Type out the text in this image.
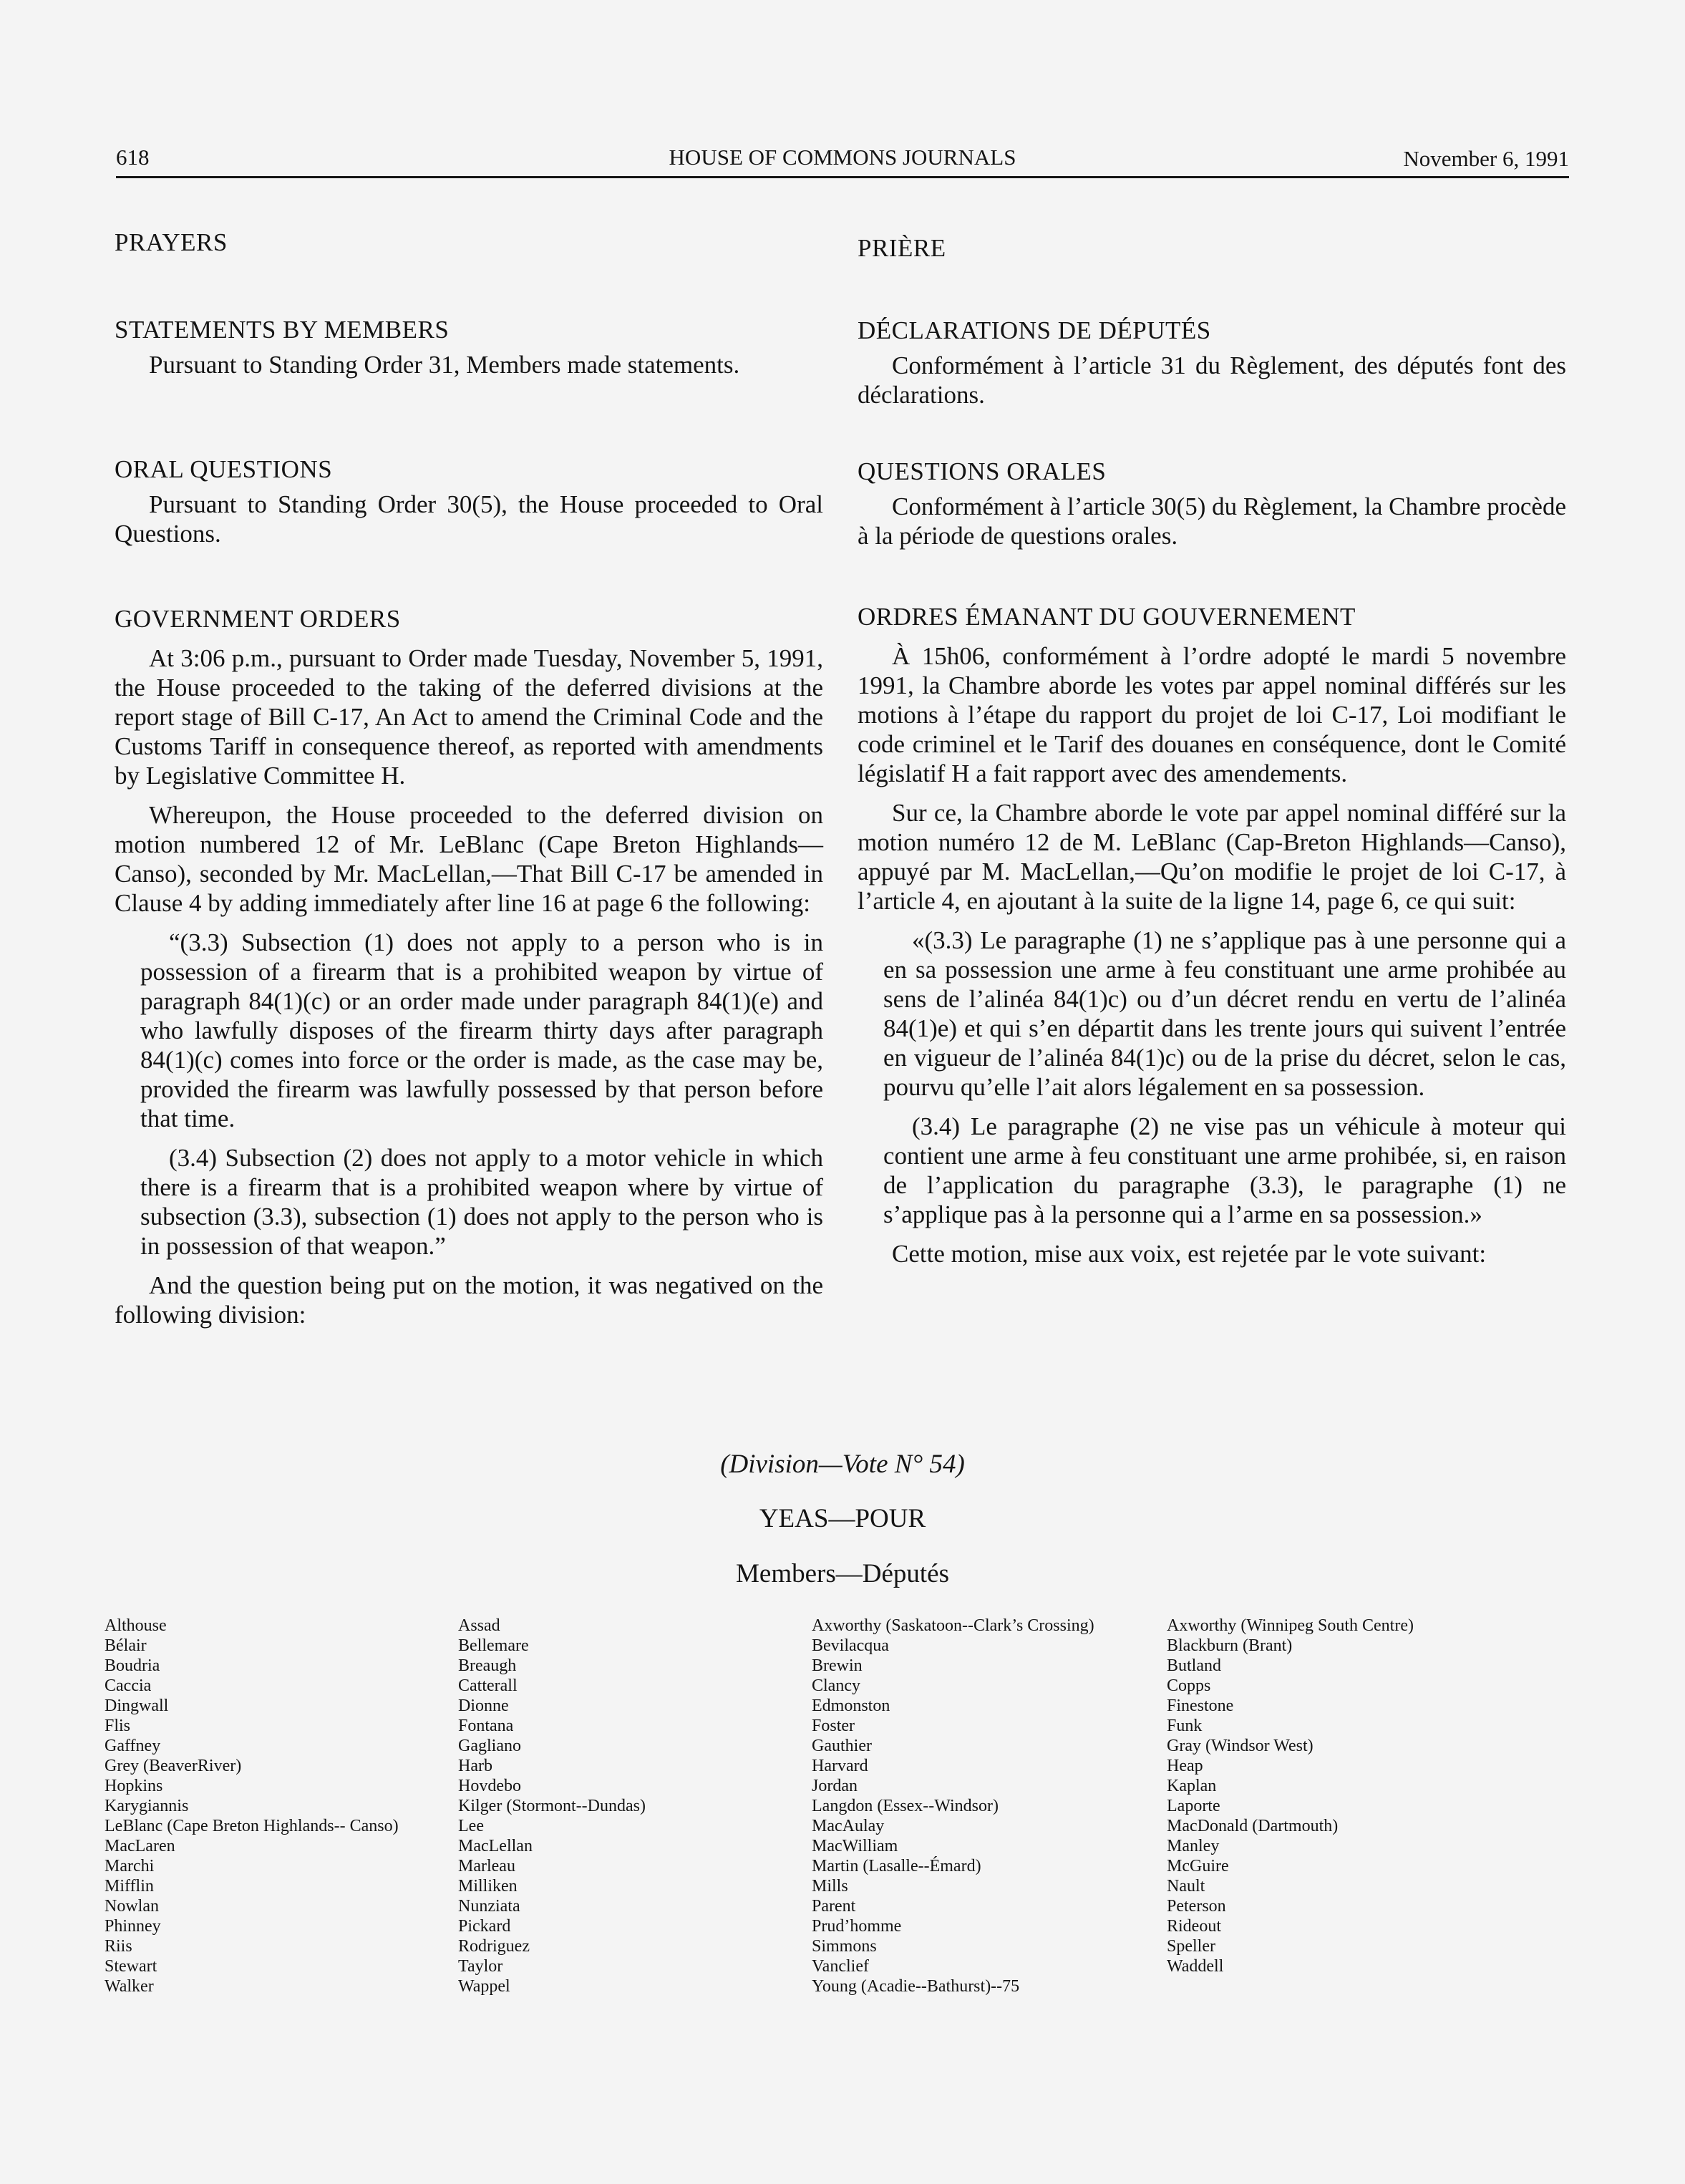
618	HOUSE OF COMMONS JOURNALS	November 6, 1991

PRAYERS

STATEMENTS BY MEMBERS

Pursuant to Standing Order 31, Members made statements.

ORAL QUESTIONS

Pursuant to Standing Order 30(5), the House proceeded to Oral Questions.

GOVERNMENT ORDERS

At 3:06 p.m., pursuant to Order made Tuesday, November 5, 1991, the House proceeded to the taking of the deferred divisions at the report stage of Bill C-17, An Act to amend the Criminal Code and the Customs Tariff in consequence thereof, as reported with amendments by Legislative Committee H.

Whereupon, the House proceeded to the deferred division on motion numbered 12 of Mr. LeBlanc (Cape Breton Highlands—Canso), seconded by Mr. MacLellan,—That Bill C-17 be amended in Clause 4 by adding immediately after line 16 at page 6 the following:

“(3.3) Subsection (1) does not apply to a person who is in possession of a firearm that is a prohibited weapon by virtue of paragraph 84(1)(c) or an order made under paragraph 84(1)(e) and who lawfully disposes of the firearm thirty days after paragraph 84(1)(c) comes into force or the order is made, as the case may be, provided the firearm was lawfully possessed by that person before that time.

(3.4) Subsection (2) does not apply to a motor vehicle in which there is a firearm that is a prohibited weapon where by virtue of subsection (3.3), subsection (1) does not apply to the person who is in possession of that weapon.”

And the question being put on the motion, it was negatived on the following division:

PRIÈRE

DÉCLARATIONS DE DÉPUTÉS

Conformément à l’article 31 du Règlement, des députés font des déclarations.

QUESTIONS ORALES

Conformément à l’article 30(5) du Règlement, la Chambre procède à la période de questions orales.

ORDRES ÉMANANT DU GOUVERNEMENT

À 15h06, conformément à l’ordre adopté le mardi 5 novembre 1991, la Chambre aborde les votes par appel nominal différés sur les motions à l’étape du rapport du projet de loi C-17, Loi modifiant le code criminel et le Tarif des douanes en conséquence, dont le Comité législatif H a fait rapport avec des amendements.

Sur ce, la Chambre aborde le vote par appel nominal différé sur la motion numéro 12 de M. LeBlanc (Cap-Breton Highlands—Canso), appuyé par M. MacLellan,—Qu’on modifie le projet de loi C-17, à l’article 4, en ajoutant à la suite de la ligne 14, page 6, ce qui suit:

«(3.3) Le paragraphe (1) ne s’applique pas à une personne qui a en sa possession une arme à feu constituant une arme prohibée au sens de l’alinéa 84(1)c) ou d’un décret rendu en vertu de l’alinéa 84(1)e) et qui s’en départit dans les trente jours qui suivent l’entrée en vigueur de l’alinéa 84(1)c) ou de la prise du décret, selon le cas, pourvu qu’elle l’ait alors légalement en sa possession.

(3.4) Le paragraphe (2) ne vise pas un véhicule à moteur qui contient une arme à feu constituant une arme prohibée, si, en raison de l’application du paragraphe (3.3), le paragraphe (1) ne s’applique pas à la personne qui a l’arme en sa possession.»

Cette motion, mise aux voix, est rejetée par le vote suivant:

(Division—Vote N° 54)
YEAS—POUR
Members—Députés
Althouse
Bélair
Boudria
Caccia
Dingwall
Flis
Gaffney
Grey (BeaverRiver)
Hopkins
Karygiannis
LeBlanc (Cape Breton Highlands-- Canso)
MacLaren
Marchi
Mifflin
Nowlan
Phinney
Riis
Stewart
Walker
Assad
Bellemare
Breaugh
Catterall
Dionne
Fontana
Gagliano
Harb
Hovdebo
Kilger (Stormont--Dundas)
Lee
MacLellan
Marleau
Milliken
Nunziata
Pickard
Rodriguez
Taylor
Wappel
Axworthy (Saskatoon--Clark’s Crossing)
Bevilacqua
Brewin
Clancy
Edmonston
Foster
Gauthier
Harvard
Jordan
Langdon (Essex--Windsor)
MacAulay
MacWilliam
Martin (Lasalle--Émard)
Mills
Parent
Prud’homme
Simmons
Vanclief
Young (Acadie--Bathurst)--75
Axworthy (Winnipeg South Centre)
Blackburn (Brant)
Butland
Copps
Finestone
Funk
Gray (Windsor West)
Heap
Kaplan
Laporte
MacDonald (Dartmouth)
Manley
McGuire
Nault
Peterson
Rideout
Speller
Waddell
